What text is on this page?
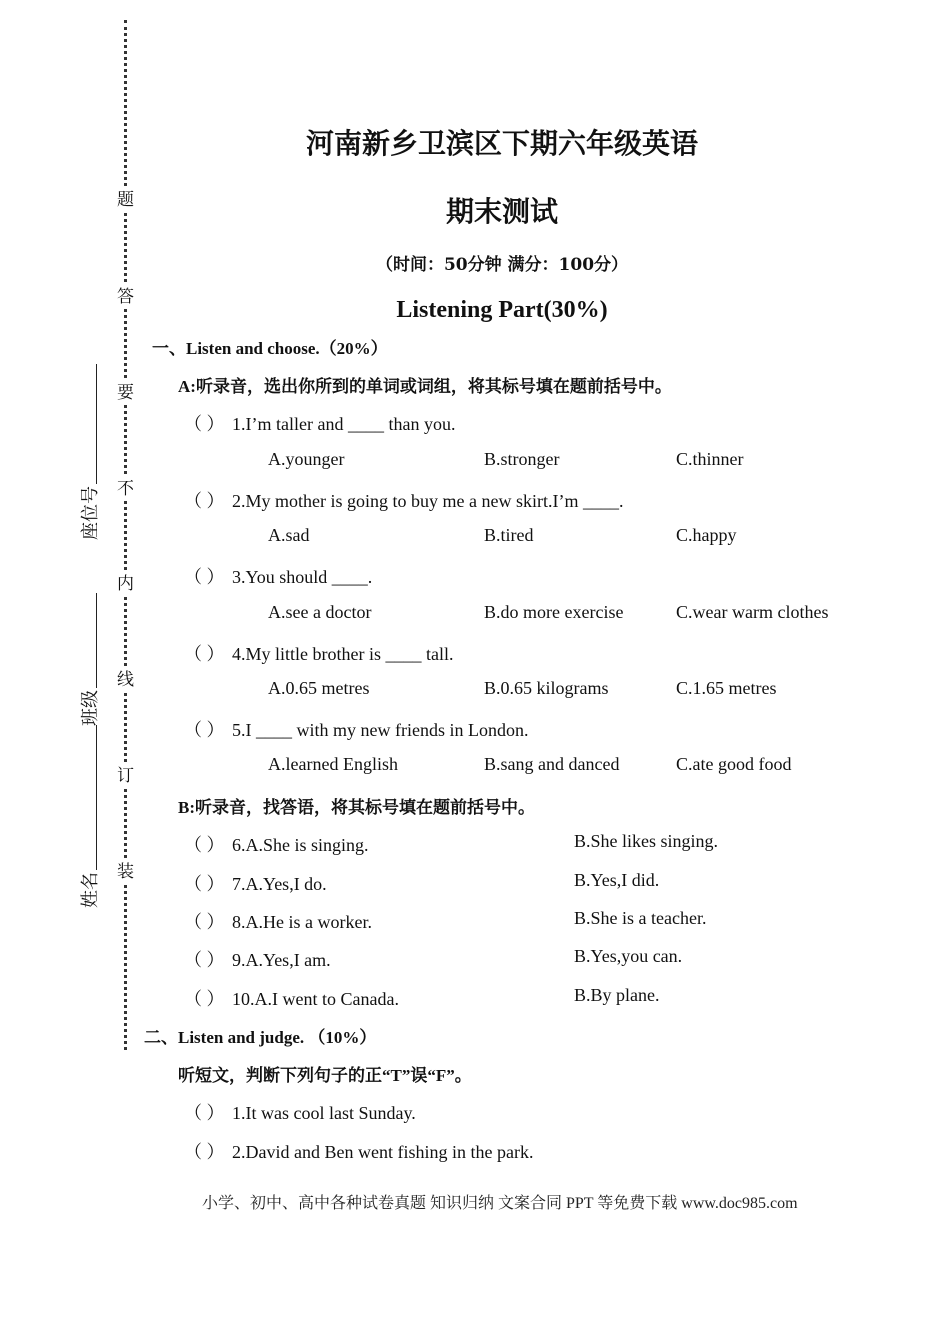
题
答
要
不
内
线
订
装
座位号
班级
姓名
河南新乡卫滨区下期六年级英语
期末测试
（时间：50分钟 满分：100分）
Listening Part(30%)
一、Listen and choose.（20%）
A:听录音，选出你所到的单词或词组，将其标号填在题前括号中。
（ ） 1.I’m taller and ____ than you.
A.younger	B.stronger	C.thinner
（ ） 2.My mother is going to buy me a new skirt.I’m ____.
A.sad	B.tired	C.happy
（ ） 3.You should ____.
A.see a doctor	B.do more exercise	C.wear warm clothes
（ ） 4.My little brother is ____ tall.
A.0.65 metres	B.0.65 kilograms	C.1.65 metres
（ ） 5.I ____ with my new friends in London.
A.learned English	B.sang and danced	C.ate good food
B:听录音，找答语，将其标号填在题前括号中。
（ ） 6.A.She is singing.	B.She likes singing.
（ ） 7.A.Yes,I do.	B.Yes,I did.
（ ） 8.A.He is a worker.	B.She is a teacher.
（ ） 9.A.Yes,I am.	B.Yes,you can.
（ ） 10.A.I went to Canada.	B.By plane.
二、Listen and judge. （10%）
听短文，判断下列句子的正“T”误“F”。
（ ） 1.It was cool last Sunday.
（ ） 2.David and Ben went fishing in the park.
小学、初中、高中各种试卷真题 知识归纳 文案合同 PPT 等免费下载 www.doc985.com
